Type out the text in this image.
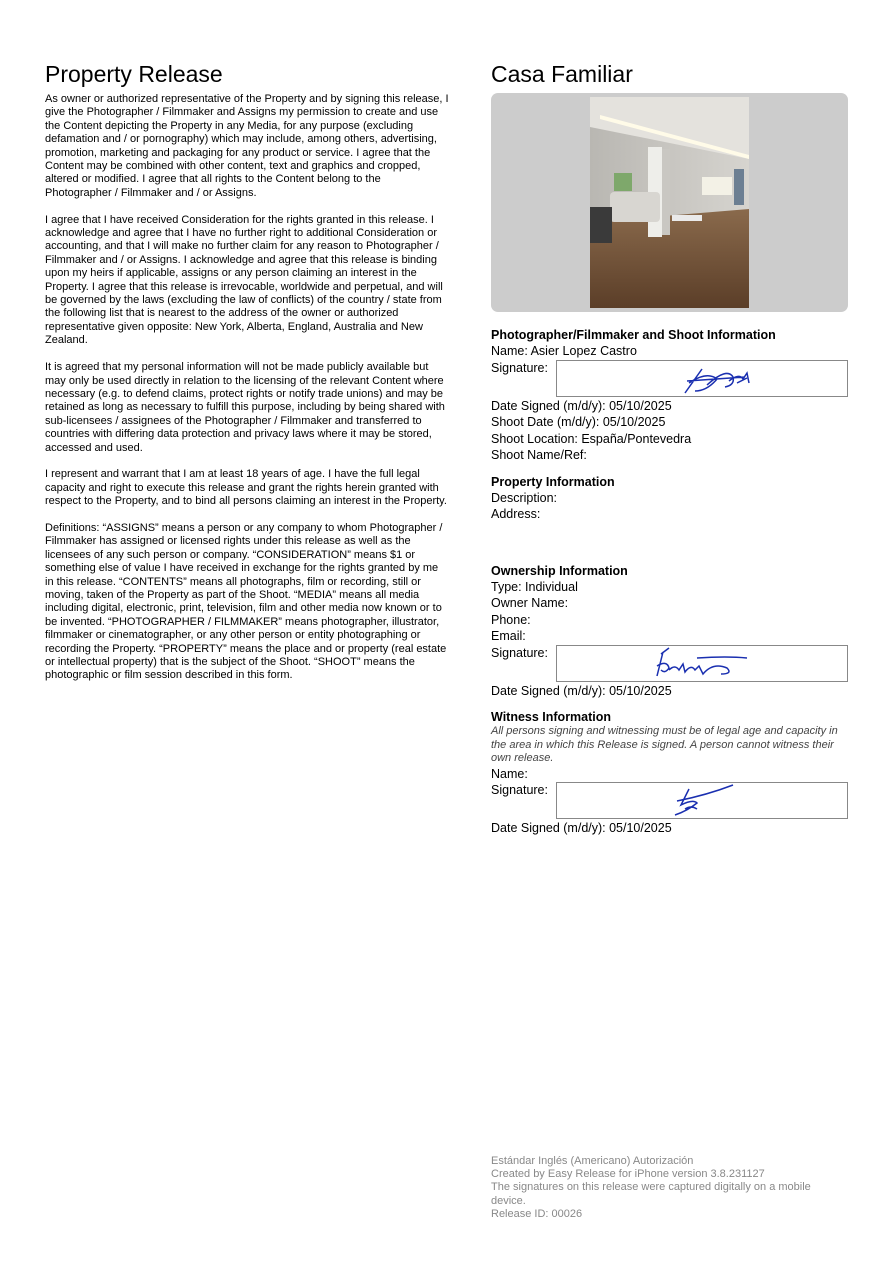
Property Release

As owner or authorized representative of the Property and by signing this release, I give the Photographer / Filmmaker and Assigns my permission to create and use the Content depicting the Property in any Media, for any purpose (excluding defamation and / or pornography) which may include, among others, advertising, promotion, marketing and packaging for any product or service. I agree that the Content may be combined with other content, text and graphics and cropped, altered or modified. I agree that all rights to the Content belong to the Photographer / Filmmaker and / or Assigns.

I agree that I have received Consideration for the rights granted in this release. I acknowledge and agree that I have no further right to additional Consideration or accounting, and that I will make no further claim for any reason to Photographer / Filmmaker and / or Assigns. I acknowledge and agree that this release is binding upon my heirs if applicable, assigns or any person claiming an interest in the Property. I agree that this release is irrevocable, worldwide and perpetual, and will be governed by the laws (excluding the law of conflicts) of the country / state from the following list that is nearest to the address of the owner or authorized representative given opposite: New York, Alberta, England, Australia and New Zealand.

It is agreed that my personal information will not be made publicly available but may only be used directly in relation to the licensing of the relevant Content where necessary (e.g. to defend claims, protect rights or notify trade unions) and may be retained as long as necessary to fulfill this purpose, including by being shared with sub-licensees / assignees of the Photographer / Filmmaker and transferred to countries with differing data protection and privacy laws where it may be stored, accessed and used.

I represent and warrant that I am at least 18 years of age. I have the full legal capacity and right to execute this release and grant the rights herein granted with respect to the Property, and to bind all persons claiming an interest in the Property.

Definitions: “ASSIGNS” means a person or any company to whom Photographer / Filmmaker has assigned or licensed rights under this release as well as the licensees of any such person or company. “CONSIDERATION” means $1 or something else of value I have received in exchange for the rights granted by me in this release. “CONTENTS” means all photographs, film or recording, still or moving, taken of the Property as part of the Shoot. “MEDIA” means all media including digital, electronic, print, television, film and other media now known or to be invented. “PHOTOGRAPHER / FILMMAKER” means photographer, illustrator, filmmaker or cinematographer, or any other person or entity photographing or recording the Property. “PROPERTY” means the place and or property (real estate or intellectual property) that is the subject of the Shoot. “SHOOT” means the photographic or film session described in this form.

Casa Familiar
Photographer/Filmmaker and Shoot Information
Name: Asier Lopez Castro
Signature:
Date Signed (m/d/y): 05/10/2025
Shoot Date (m/d/y): 05/10/2025
Shoot Location: España/Pontevedra
Shoot Name/Ref:
Property Information
Description:
Address:
Ownership Information
Type: Individual
Owner Name:
Phone:
Email:
Signature:
Date Signed (m/d/y): 05/10/2025
Witness Information
All persons signing and witnessing must be of legal age and capacity in the area in which this Release is signed. A person cannot witness their own release.
Name:
Signature:
Date Signed (m/d/y): 05/10/2025
Estándar Inglés (Americano) Autorización
Created by Easy Release for iPhone version 3.8.231127
The signatures on this release were captured digitally on a mobile device.
Release ID: 00026
